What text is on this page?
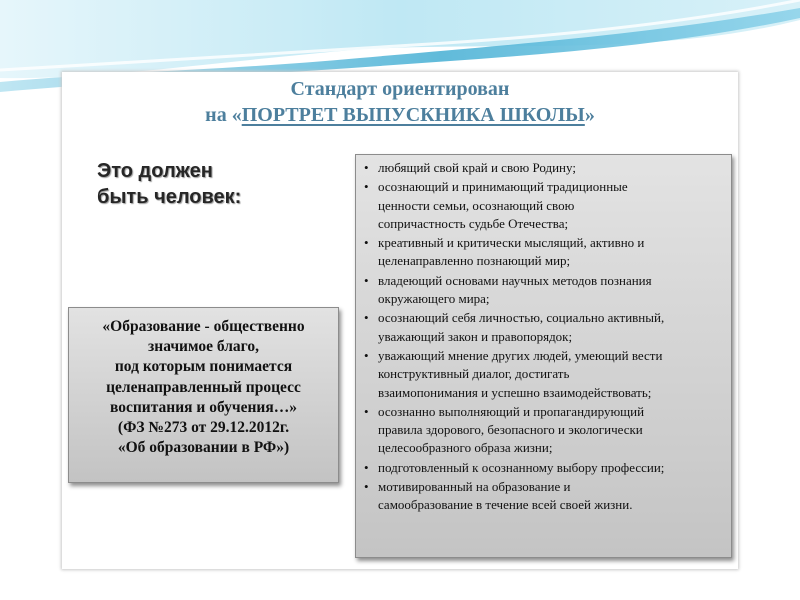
Стандарт ориентирован
на «ПОРТРЕТ ВЫПУСКНИКА ШКОЛЫ»
Это должен
быть человек:
«Образование - общественно
значимое благо,
под которым понимается
целенаправленный процесс
воспитания и обучения…»
(ФЗ №273 от 29.12.2012г.
«Об образовании в РФ»)
• любящий свой край и свою Родину;
• осознающий и принимающий традиционные
ценности семьи, осознающий свою
сопричастность судьбе Отечества;
• креативный и критически мыслящий, активно и
целенаправленно познающий мир;
• владеющий основами научных методов познания
окружающего мира;
• осознающий себя личностью, социально активный,
уважающий закон и правопорядок;
• уважающий мнение других людей, умеющий вести
конструктивный диалог, достигать
взаимопонимания и успешно взаимодействовать;
• осознанно выполняющий и пропагандирующий
правила здорового, безопасного и экологически
целесообразного образа жизни;
• подготовленный к осознанному выбору профессии;
• мотивированный на образование и
самообразование в течение всей своей жизни.
